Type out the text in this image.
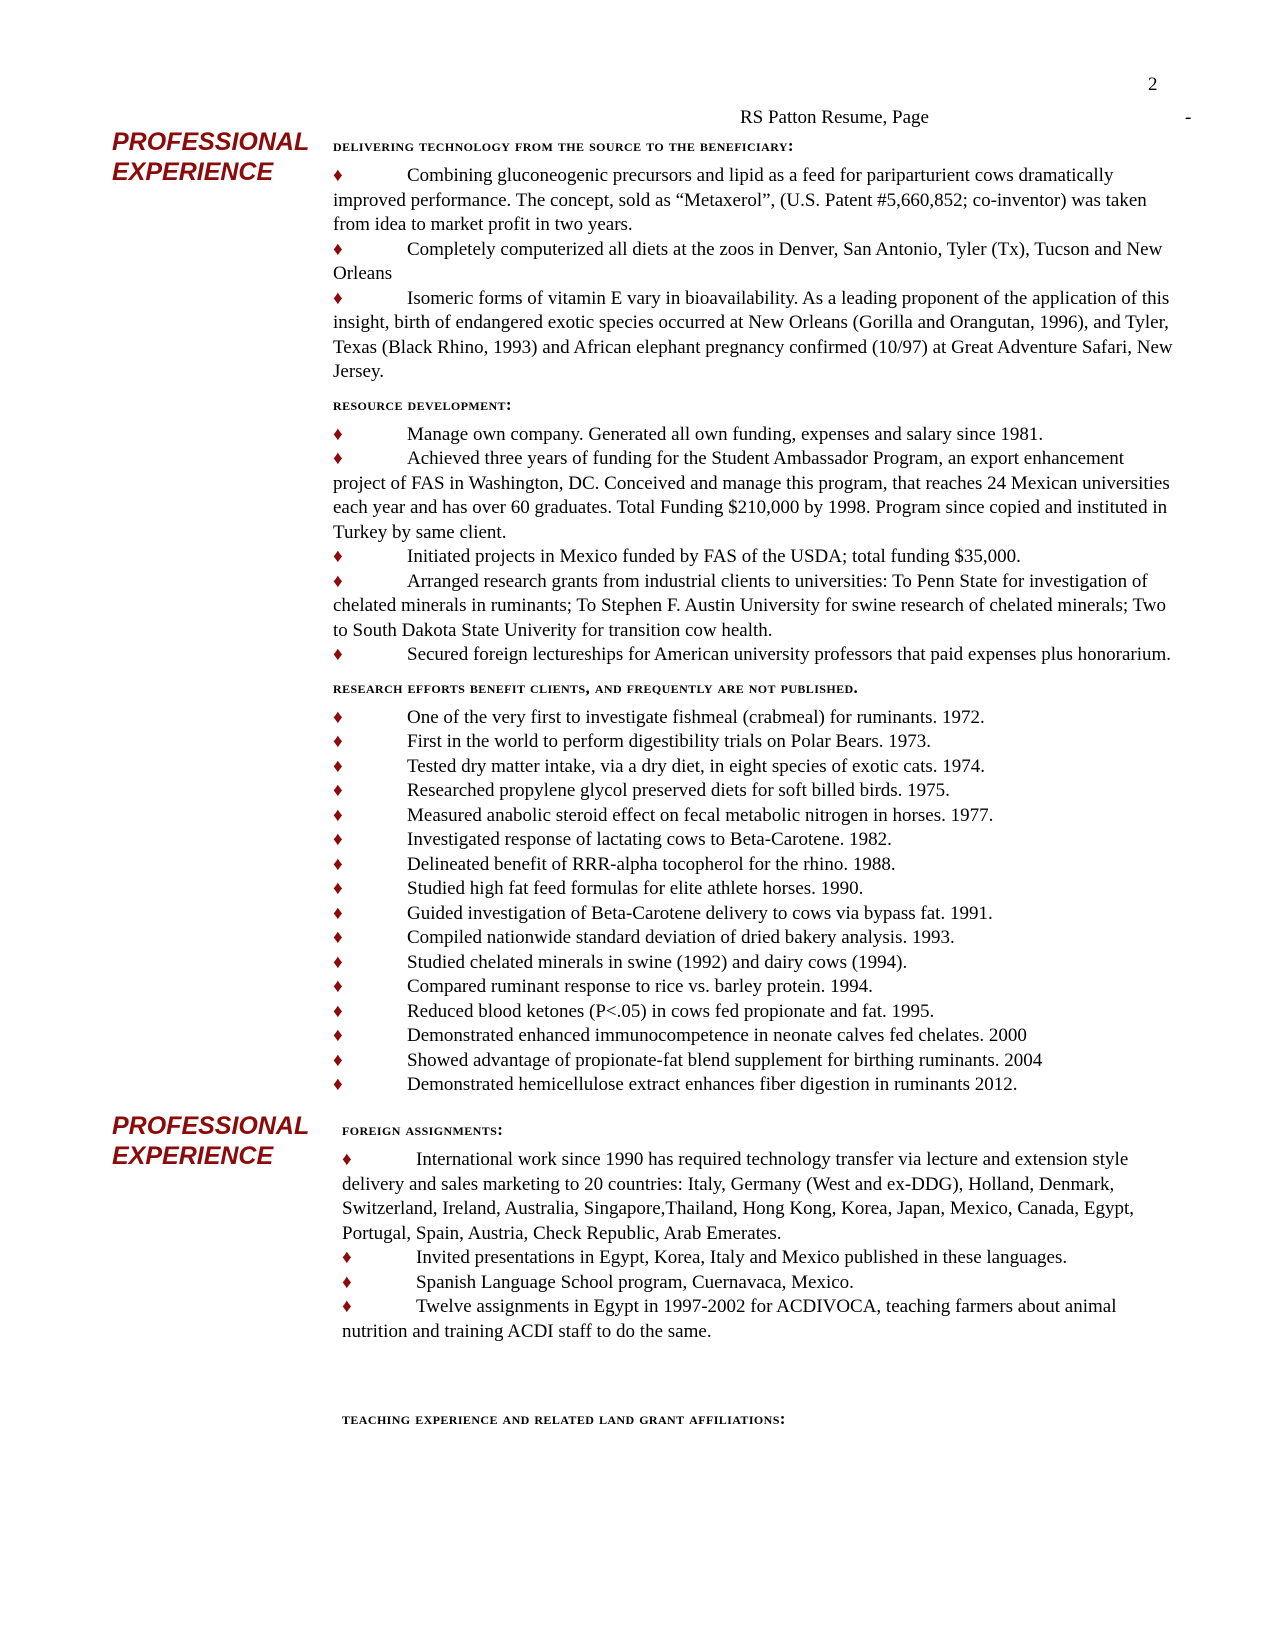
2
RS Patton Resume, Page	-
PROFESSIONAL
EXPERIENCE
PROFESSIONAL
EXPERIENCE
delivering technology from the source to the beneficiary:
♦	Combining gluconeogenic precursors and lipid as a feed for pariparturient cows dramatically improved performance. The concept, sold as “Metaxerol”, (U.S. Patent #5,660,852; co-inventor) was taken from idea to market profit in two years.
♦	Completely computerized all diets at the zoos in Denver, San Antonio, Tyler (Tx), Tucson and New Orleans
♦	Isomeric forms of vitamin E vary in bioavailability. As a leading proponent of the application of this insight, birth of endangered exotic species occurred at New Orleans (Gorilla and Orangutan, 1996), and Tyler, Texas (Black Rhino, 1993) and African elephant pregnancy confirmed (10/97) at Great Adventure Safari, New Jersey.
resource development:
♦	Manage own company. Generated all own funding, expenses and salary since 1981.
♦	Achieved three years of funding for the Student Ambassador Program, an export enhancement project of FAS in Washington, DC. Conceived and manage this program, that reaches 24 Mexican universities each year and has over 60 graduates. Total Funding $210,000 by 1998. Program since copied and instituted in Turkey by same client.
♦	Initiated projects in Mexico funded by FAS of the USDA; total funding $35,000.
♦	Arranged research grants from industrial clients to universities: To Penn State for investigation of chelated minerals in ruminants; To Stephen F. Austin University for swine research of chelated minerals; Two to South Dakota State Univerity for transition cow health.
♦	Secured foreign lectureships for American university professors that paid expenses plus honorarium.
research efforts benefit clients, and frequently are not published.
♦	One of the very first to investigate fishmeal (crabmeal) for ruminants. 1972.
♦	First in the world to perform digestibility trials on Polar Bears. 1973.
♦	Tested dry matter intake, via a dry diet, in eight species of exotic cats. 1974.
♦	Researched propylene glycol preserved diets for soft billed birds. 1975.
♦	Measured anabolic steroid effect on fecal metabolic nitrogen in horses. 1977.
♦	Investigated response of lactating cows to Beta-Carotene. 1982.
♦	Delineated benefit of RRR-alpha tocopherol for the rhino. 1988.
♦	Studied high fat feed formulas for elite athlete horses. 1990.
♦	Guided investigation of Beta-Carotene delivery to cows via bypass fat. 1991.
♦	Compiled nationwide standard deviation of dried bakery analysis. 1993.
♦	Studied chelated minerals in swine (1992) and dairy cows (1994).
♦	Compared ruminant response to rice vs. barley protein. 1994.
♦	Reduced blood ketones (P<.05) in cows fed propionate and fat. 1995.
♦	Demonstrated enhanced immunocompetence in neonate calves fed chelates. 2000
♦	Showed advantage of propionate-fat blend supplement for birthing ruminants. 2004
♦	Demonstrated hemicellulose extract enhances fiber digestion in ruminants 2012.
foreign assignments:
♦	International work since 1990 has required technology transfer via lecture and extension style delivery and sales marketing to 20 countries: Italy, Germany (West and ex-DDG), Holland, Denmark, Switzerland, Ireland, Australia, Singapore,Thailand, Hong Kong, Korea, Japan, Mexico, Canada, Egypt, Portugal, Spain, Austria, Check Republic, Arab Emerates.
♦	Invited presentations in Egypt, Korea, Italy and Mexico published in these languages.
♦	Spanish Language School program, Cuernavaca, Mexico.
♦	Twelve assignments in Egypt in 1997-2002 for ACDIVOCA, teaching farmers about animal nutrition and training ACDI staff to do the same.
teaching experience and related land grant affiliations:
